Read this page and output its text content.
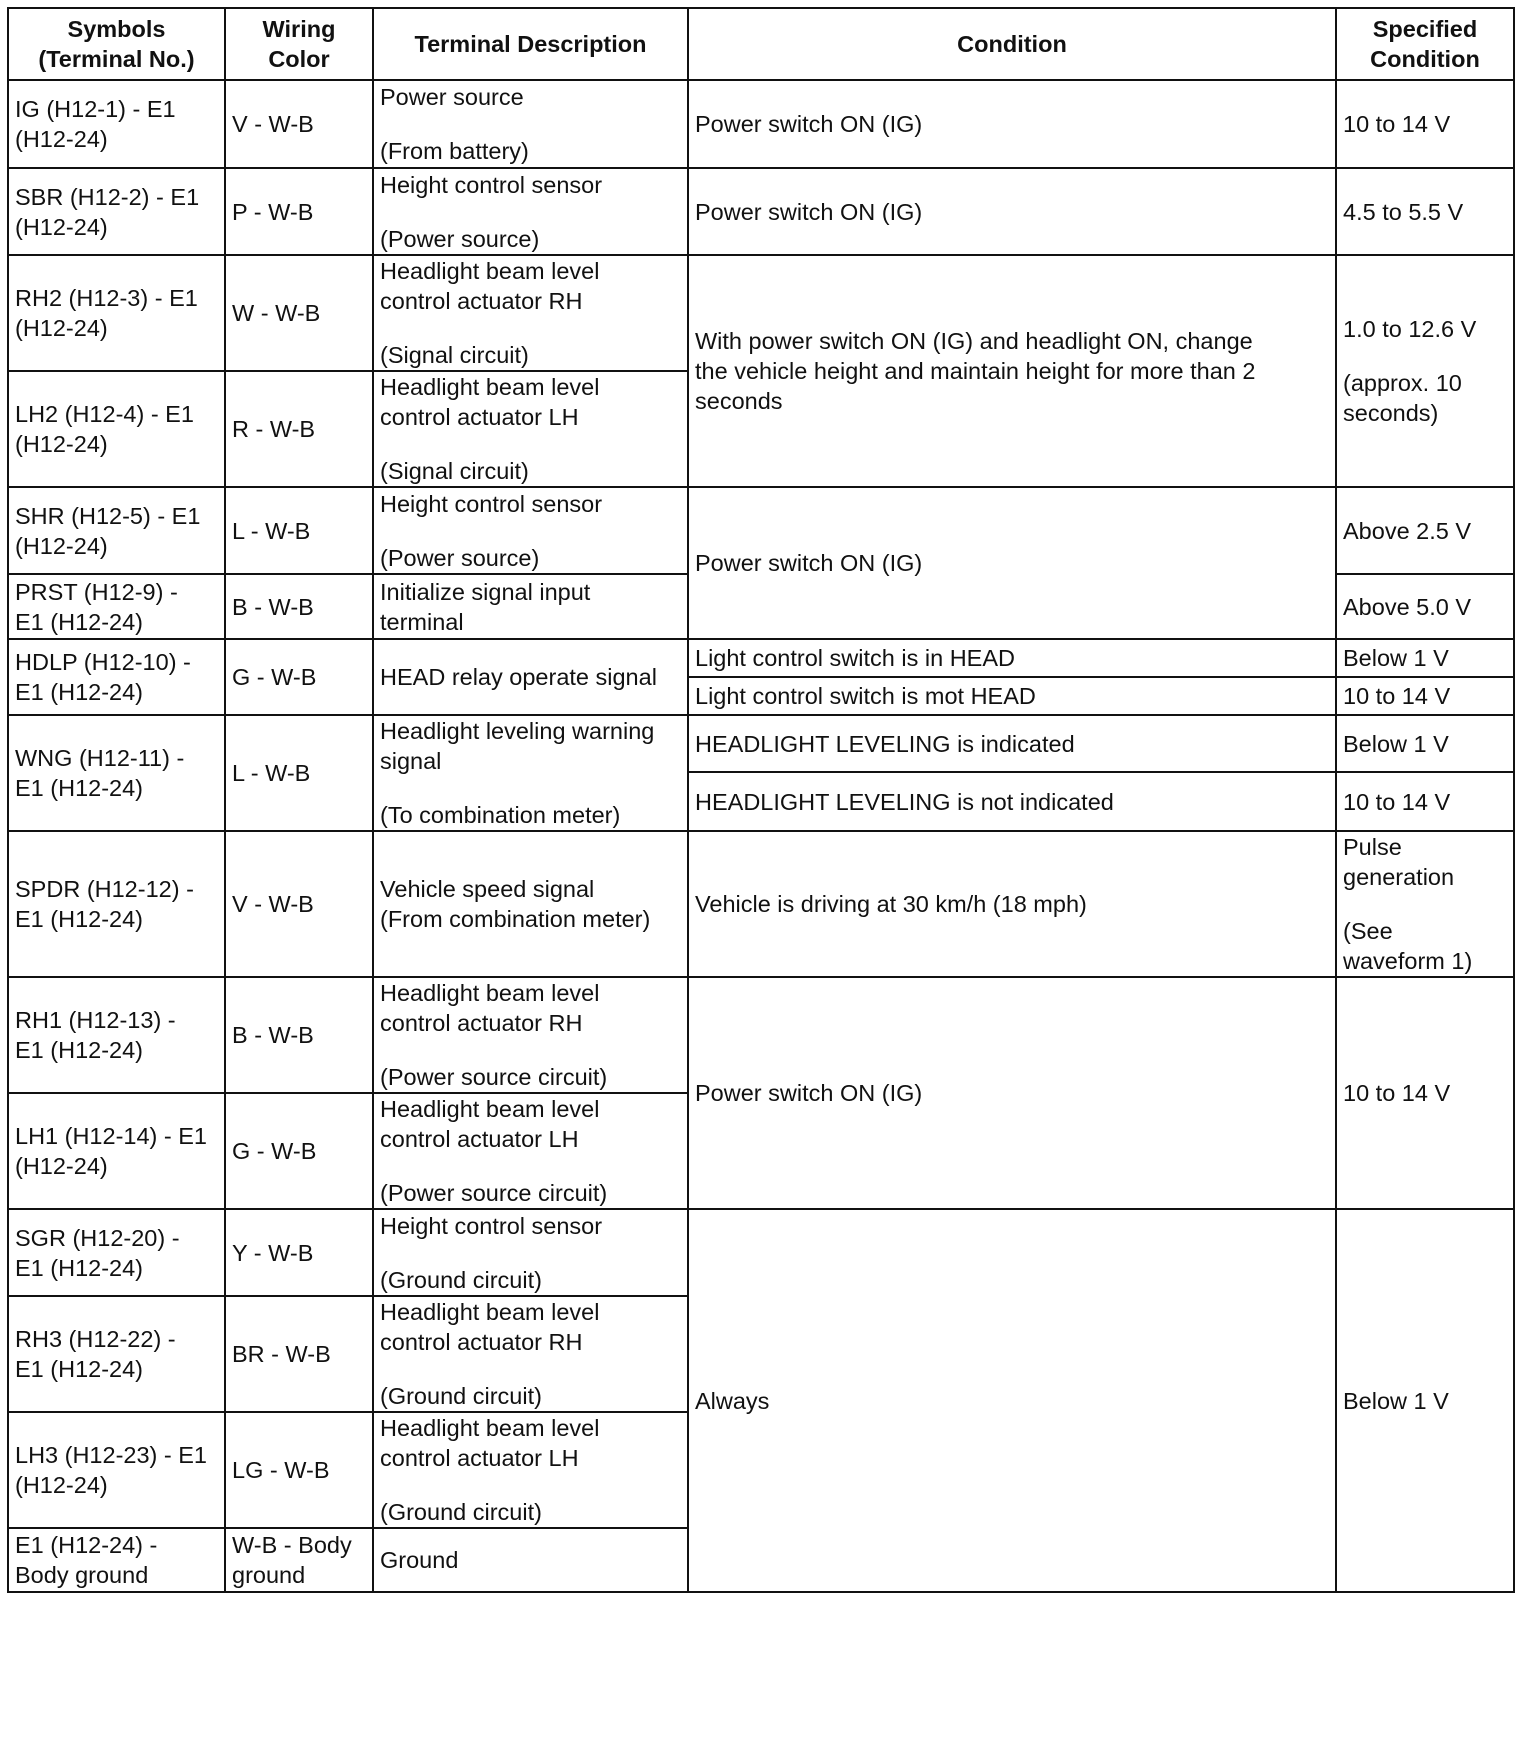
Symbols
(Terminal No.)	Wiring
Color	Terminal Description	Condition	Specified
Condition

IG (H12-1) - E1
(H12-24)	V - W-B	Power source
(From battery)	Power switch ON (IG)	10 to 14 V

SBR (H12-2) - E1
(H12-24)	P - W-B	Height control sensor
(Power source)	Power switch ON (IG)	4.5 to 5.5 V

RH2 (H12-3) - E1
(H12-24)	W - W-B	Headlight beam level
control actuator RH
(Signal circuit)	With power switch ON (IG) and headlight ON, change
the vehicle height and maintain height for more than 2
seconds	1.0 to 12.6 V
(approx. 10
seconds)

LH2 (H12-4) - E1
(H12-24)	R - W-B	Headlight beam level
control actuator LH
(Signal circuit)		

SHR (H12-5) - E1
(H12-24)	L - W-B	Height control sensor
(Power source)	Power switch ON (IG)	Above 2.5 V

PRST (H12-9) -
E1 (H12-24)	B - W-B	Initialize signal input
terminal		Above 5.0 V

HDLP (H12-10) -
E1 (H12-24)	G - W-B	HEAD relay operate signal	Light control switch is in HEAD	Below 1 V
			Light control switch is mot HEAD	10 to 14 V

WNG (H12-11) -
E1 (H12-24)	L - W-B	Headlight leveling warning
signal
(To combination meter)	HEADLIGHT LEVELING is indicated	Below 1 V
			HEADLIGHT LEVELING is not indicated	10 to 14 V

SPDR (H12-12) -
E1 (H12-24)	V - W-B	Vehicle speed signal
(From combination meter)	Vehicle is driving at 30 km/h (18 mph)	Pulse
generation
(See
waveform 1)

RH1 (H12-13) -
E1 (H12-24)	B - W-B	Headlight beam level
control actuator RH
(Power source circuit)	Power switch ON (IG)	10 to 14 V

LH1 (H12-14) - E1
(H12-24)	G - W-B	Headlight beam level
control actuator LH
(Power source circuit)		

SGR (H12-20) -
E1 (H12-24)	Y - W-B	Height control sensor
(Ground circuit)	Always	Below 1 V

RH3 (H12-22) -
E1 (H12-24)	BR - W-B	Headlight beam level
control actuator RH
(Ground circuit)		

LH3 (H12-23) - E1
(H12-24)	LG - W-B	Headlight beam level
control actuator LH
(Ground circuit)		

E1 (H12-24) -
Body ground	W-B - Body
ground	Ground		
